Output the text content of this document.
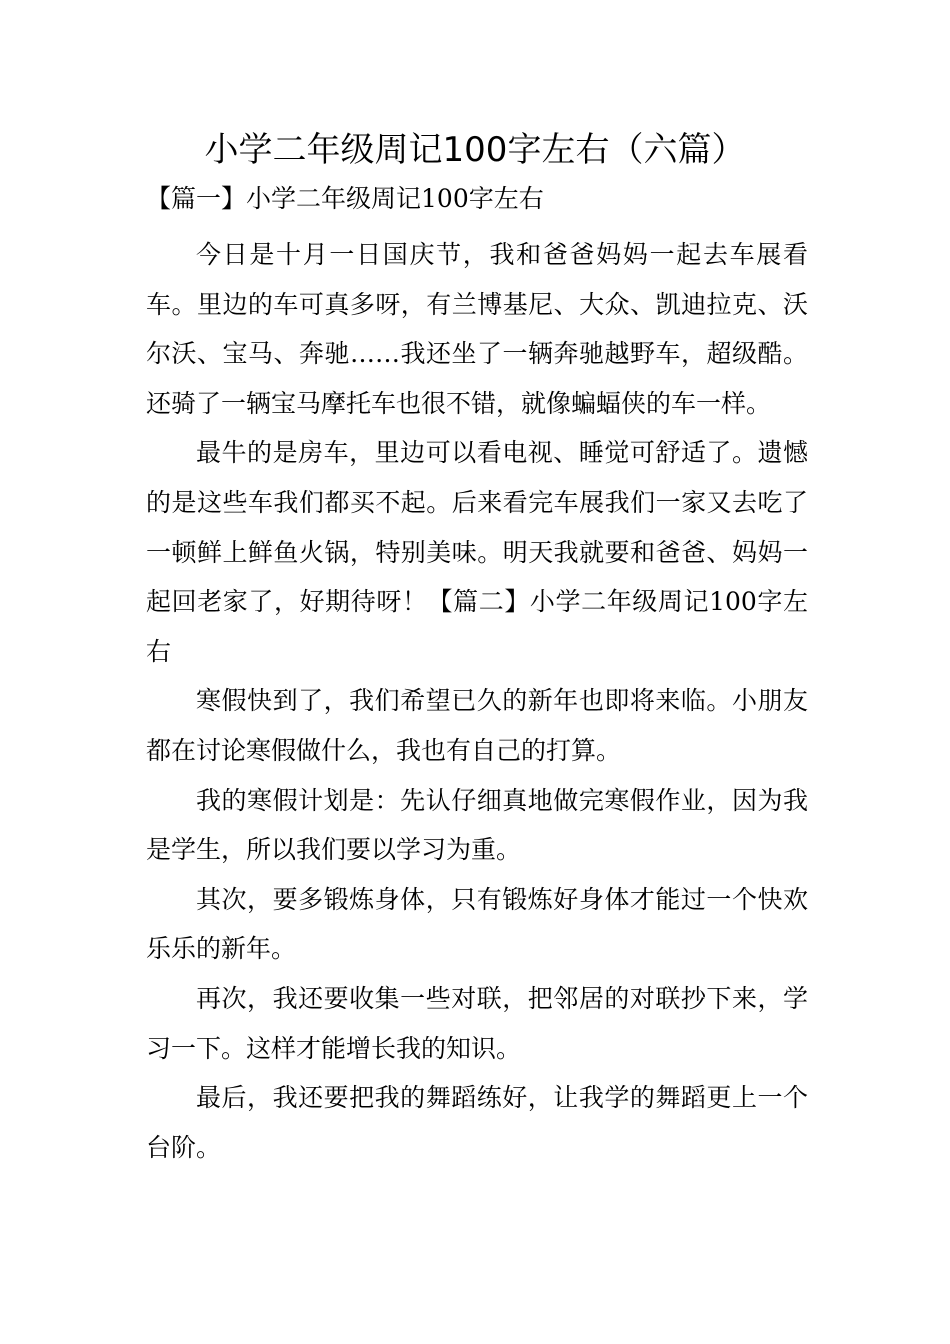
小学二年级周记100字左右（六篇）
【篇一】小学二年级周记100字左右

今日是十月一日国庆节，我和爸爸妈妈一起去车展看车。里边的车可真多呀，有兰博基尼、大众、凯迪拉克、沃尔沃、宝马、奔驰……我还坐了一辆奔驰越野车，超级酷。还骑了一辆宝马摩托车也很不错，就像蝙蝠侠的车一样。

最牛的是房车，里边可以看电视、睡觉可舒适了。遗憾的是这些车我们都买不起。后来看完车展我们一家又去吃了一顿鲜上鲜鱼火锅，特别美味。明天我就要和爸爸、妈妈一起回老家了，好期待呀！【篇二】小学二年级周记100字左右

寒假快到了，我们希望已久的新年也即将来临。小朋友都在讨论寒假做什么，我也有自己的打算。

我的寒假计划是：先认仔细真地做完寒假作业，因为我是学生，所以我们要以学习为重。

其次，要多锻炼身体，只有锻炼好身体才能过一个快欢乐乐的新年。

再次，我还要收集一些对联，把邻居的对联抄下来，学习一下。这样才能增长我的知识。

最后，我还要把我的舞蹈练好，让我学的舞蹈更上一个台阶。
